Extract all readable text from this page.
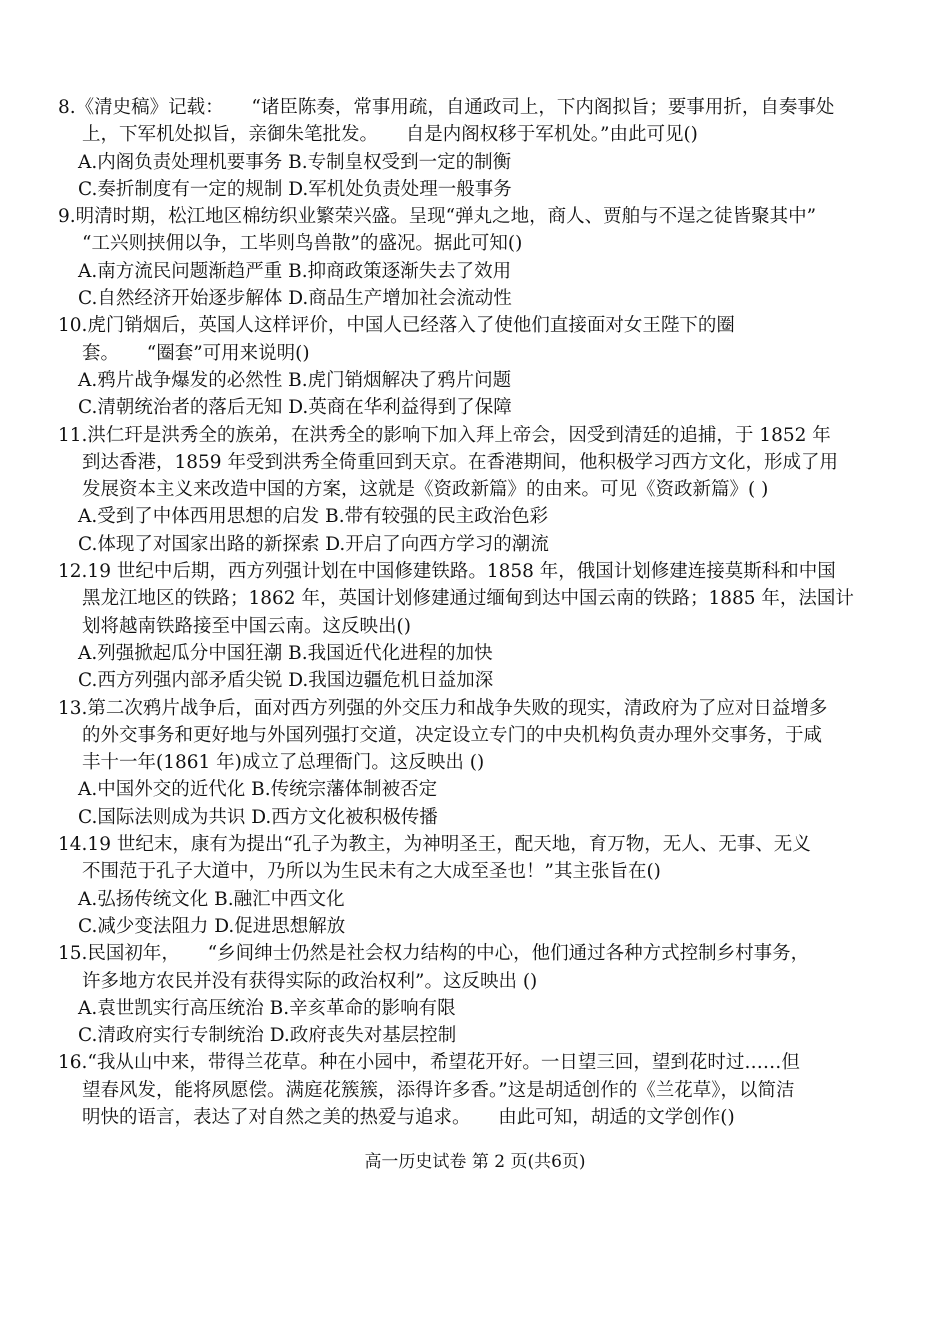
8.《清史稿》记载：　　“诸臣陈奏，常事用疏，自通政司上，下内阁拟旨；要事用折，自奏事处
上，下军机处拟旨，亲御朱笔批发。　　自是内阁权移于军机处。”由此可见()
A.内阁负责处理机要事务 B.专制皇权受到一定的制衡
C.奏折制度有一定的规制 D.军机处负责处理一般事务
9.明清时期，松江地区棉纺织业繁荣兴盛。呈现“弹丸之地，商人、贾舶与不逞之徒皆聚其中”
“工兴则挟佣以争，工毕则鸟兽散”的盛况。据此可知()
A.南方流民问题渐趋严重 B.抑商政策逐渐失去了效用
C.自然经济开始逐步解体 D.商品生产增加社会流动性
10.虎门销烟后，英国人这样评价，中国人已经落入了使他们直接面对女王陛下的圈
套。　　“圈套”可用来说明()
A.鸦片战争爆发的必然性 B.虎门销烟解决了鸦片问题
C.清朝统治者的落后无知 D.英商在华利益得到了保障
11.洪仁玕是洪秀全的族弟，在洪秀全的影响下加入拜上帝会，因受到清廷的追捕，于 1852 年
到达香港，1859 年受到洪秀全倚重回到天京。在香港期间，他积极学习西方文化，形成了用
发展资本主义来改造中国的方案，这就是《资政新篇》的由来。可见《资政新篇》( )
A.受到了中体西用思想的启发 B.带有较强的民主政治色彩
C.体现了对国家出路的新探索 D.开启了向西方学习的潮流
12.19 世纪中后期，西方列强计划在中国修建铁路。1858 年，俄国计划修建连接莫斯科和中国
黑龙江地区的铁路；1862 年，英国计划修建通过缅甸到达中国云南的铁路；1885 年，法国计
划将越南铁路接至中国云南。这反映出()
A.列强掀起瓜分中国狂潮 B.我国近代化进程的加快
C.西方列强内部矛盾尖锐 D.我国边疆危机日益加深
13.第二次鸦片战争后，面对西方列强的外交压力和战争失败的现实，清政府为了应对日益增多
的外交事务和更好地与外国列强打交道，决定设立专门的中央机构负责办理外交事务，于咸
丰十一年(1861 年)成立了总理衙门。这反映出 ()
A.中国外交的近代化 B.传统宗藩体制被否定
C.国际法则成为共识 D.西方文化被积极传播
14.19 世纪末，康有为提出“孔子为教主，为神明圣王，配天地，育万物，无人、无事、无义
不围范于孔子大道中，乃所以为生民未有之大成至圣也！”其主张旨在()
A.弘扬传统文化 B.融汇中西文化
C.减少变法阻力 D.促进思想解放
15.民国初年，　　“乡间绅士仍然是社会权力结构的中心，他们通过各种方式控制乡村事务，
许多地方农民并没有获得实际的政治权利”。这反映出 ()
A.袁世凯实行高压统治 B.辛亥革命的影响有限
C.清政府实行专制统治 D.政府丧失对基层控制
16.“我从山中来，带得兰花草。种在小园中，希望花开好。一日望三回，望到花时过……但
望春风发，能将夙愿偿。满庭花簇簇，添得许多香。”这是胡适创作的《兰花草》，以简洁
明快的语言，表达了对自然之美的热爱与追求。　　由此可知，胡适的文学创作()
高一历史试卷 第 2 页(共6页)
